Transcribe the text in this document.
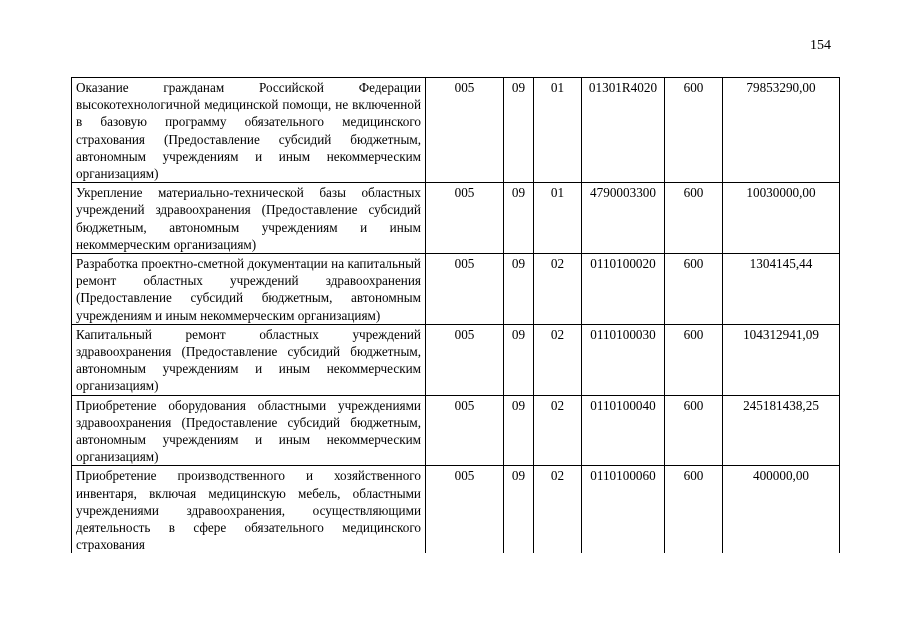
154
Оказание гражданам Российской Федерации высокотехнологичной медицинской помощи, не включенной в базовую программу обязательного медицинского страхования (Предоставление субсидий бюджетным, автономным учреждениям и иным некоммерческим организациям)	005	09	01	01301R4020	600	79853290,00
Укрепление материально-технической базы областных учреждений здравоохранения (Предоставление субсидий бюджетным, автономным учреждениям и иным некоммерческим организациям)	005	09	01	4790003300	600	10030000,00
Разработка проектно-сметной документации на капитальный ремонт областных учреждений здравоохранения (Предоставление субсидий бюджетным, автономным учреждениям и иным некоммерческим организациям)	005	09	02	0110100020	600	1304145,44
Капитальный ремонт областных учреждений здравоохранения (Предоставление субсидий бюджетным, автономным учреждениям и иным некоммерческим организациям)	005	09	02	0110100030	600	104312941,09
Приобретение оборудования областными учреждениями здравоохранения (Предоставление субсидий бюджетным, автономным учреждениям и иным некоммерческим организациям)	005	09	02	0110100040	600	245181438,25
Приобретение производственного и хозяйственного инвентаря, включая медицинскую мебель, областными учреждениями здравоохранения, осуществляющими деятельность в сфере обязательного медицинского страхования	005	09	02	0110100060	600	400000,00
